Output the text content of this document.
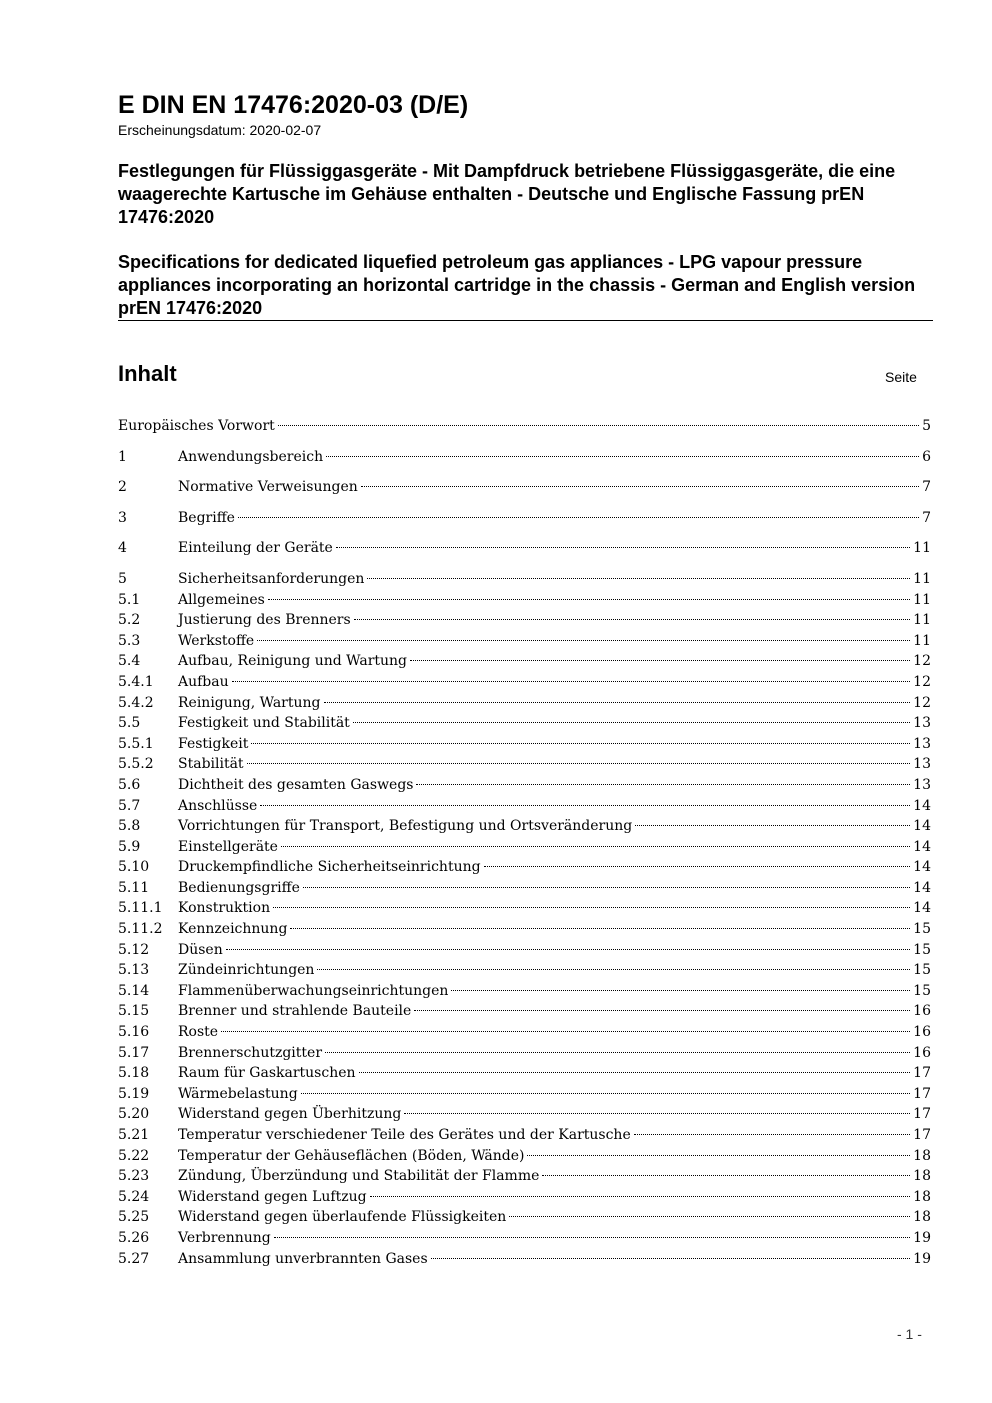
E DIN EN 17476:2020-03 (D/E)

Erscheinungsdatum: 2020-02-07

Festlegungen für Flüssiggasgeräte - Mit Dampfdruck betriebene Flüssiggasgeräte, die eine waagerechte Kartusche im Gehäuse enthalten - Deutsche und Englische Fassung prEN 17476:2020

Specifications for dedicated liquefied petroleum gas appliances - LPG vapour pressure appliances incorporating an horizontal cartridge in the chassis - German and English version prEN 17476:2020

Inhalt	Seite
Europäisches Vorwort	5
1	Anwendungsbereich	6
2	Normative Verweisungen	7
3	Begriffe	7
4	Einteilung der Geräte	11
5	Sicherheitsanforderungen	11
5.1	Allgemeines	11
5.2	Justierung des Brenners	11
5.3	Werkstoffe	11
5.4	Aufbau, Reinigung und Wartung	12
5.4.1	Aufbau	12
5.4.2	Reinigung, Wartung	12
5.5	Festigkeit und Stabilität	13
5.5.1	Festigkeit	13
5.5.2	Stabilität	13
5.6	Dichtheit des gesamten Gaswegs	13
5.7	Anschlüsse	14
5.8	Vorrichtungen für Transport, Befestigung und Ortsveränderung	14
5.9	Einstellgeräte	14
5.10	Druckempfindliche Sicherheitseinrichtung	14
5.11	Bedienungsgriffe	14
5.11.1	Konstruktion	14
5.11.2	Kennzeichnung	15
5.12	Düsen	15
5.13	Zündeinrichtungen	15
5.14	Flammenüberwachungseinrichtungen	15
5.15	Brenner und strahlende Bauteile	16
5.16	Roste	16
5.17	Brennerschutzgitter	16
5.18	Raum für Gaskartuschen	17
5.19	Wärmebelastung	17
5.20	Widerstand gegen Überhitzung	17
5.21	Temperatur verschiedener Teile des Gerätes und der Kartusche	17
5.22	Temperatur der Gehäuseflächen (Böden, Wände)	18
5.23	Zündung, Überzündung und Stabilität der Flamme	18
5.24	Widerstand gegen Luftzug	18
5.25	Widerstand gegen überlaufende Flüssigkeiten	18
5.26	Verbrennung	19
5.27	Ansammlung unverbrannten Gases	19
- 1 -
